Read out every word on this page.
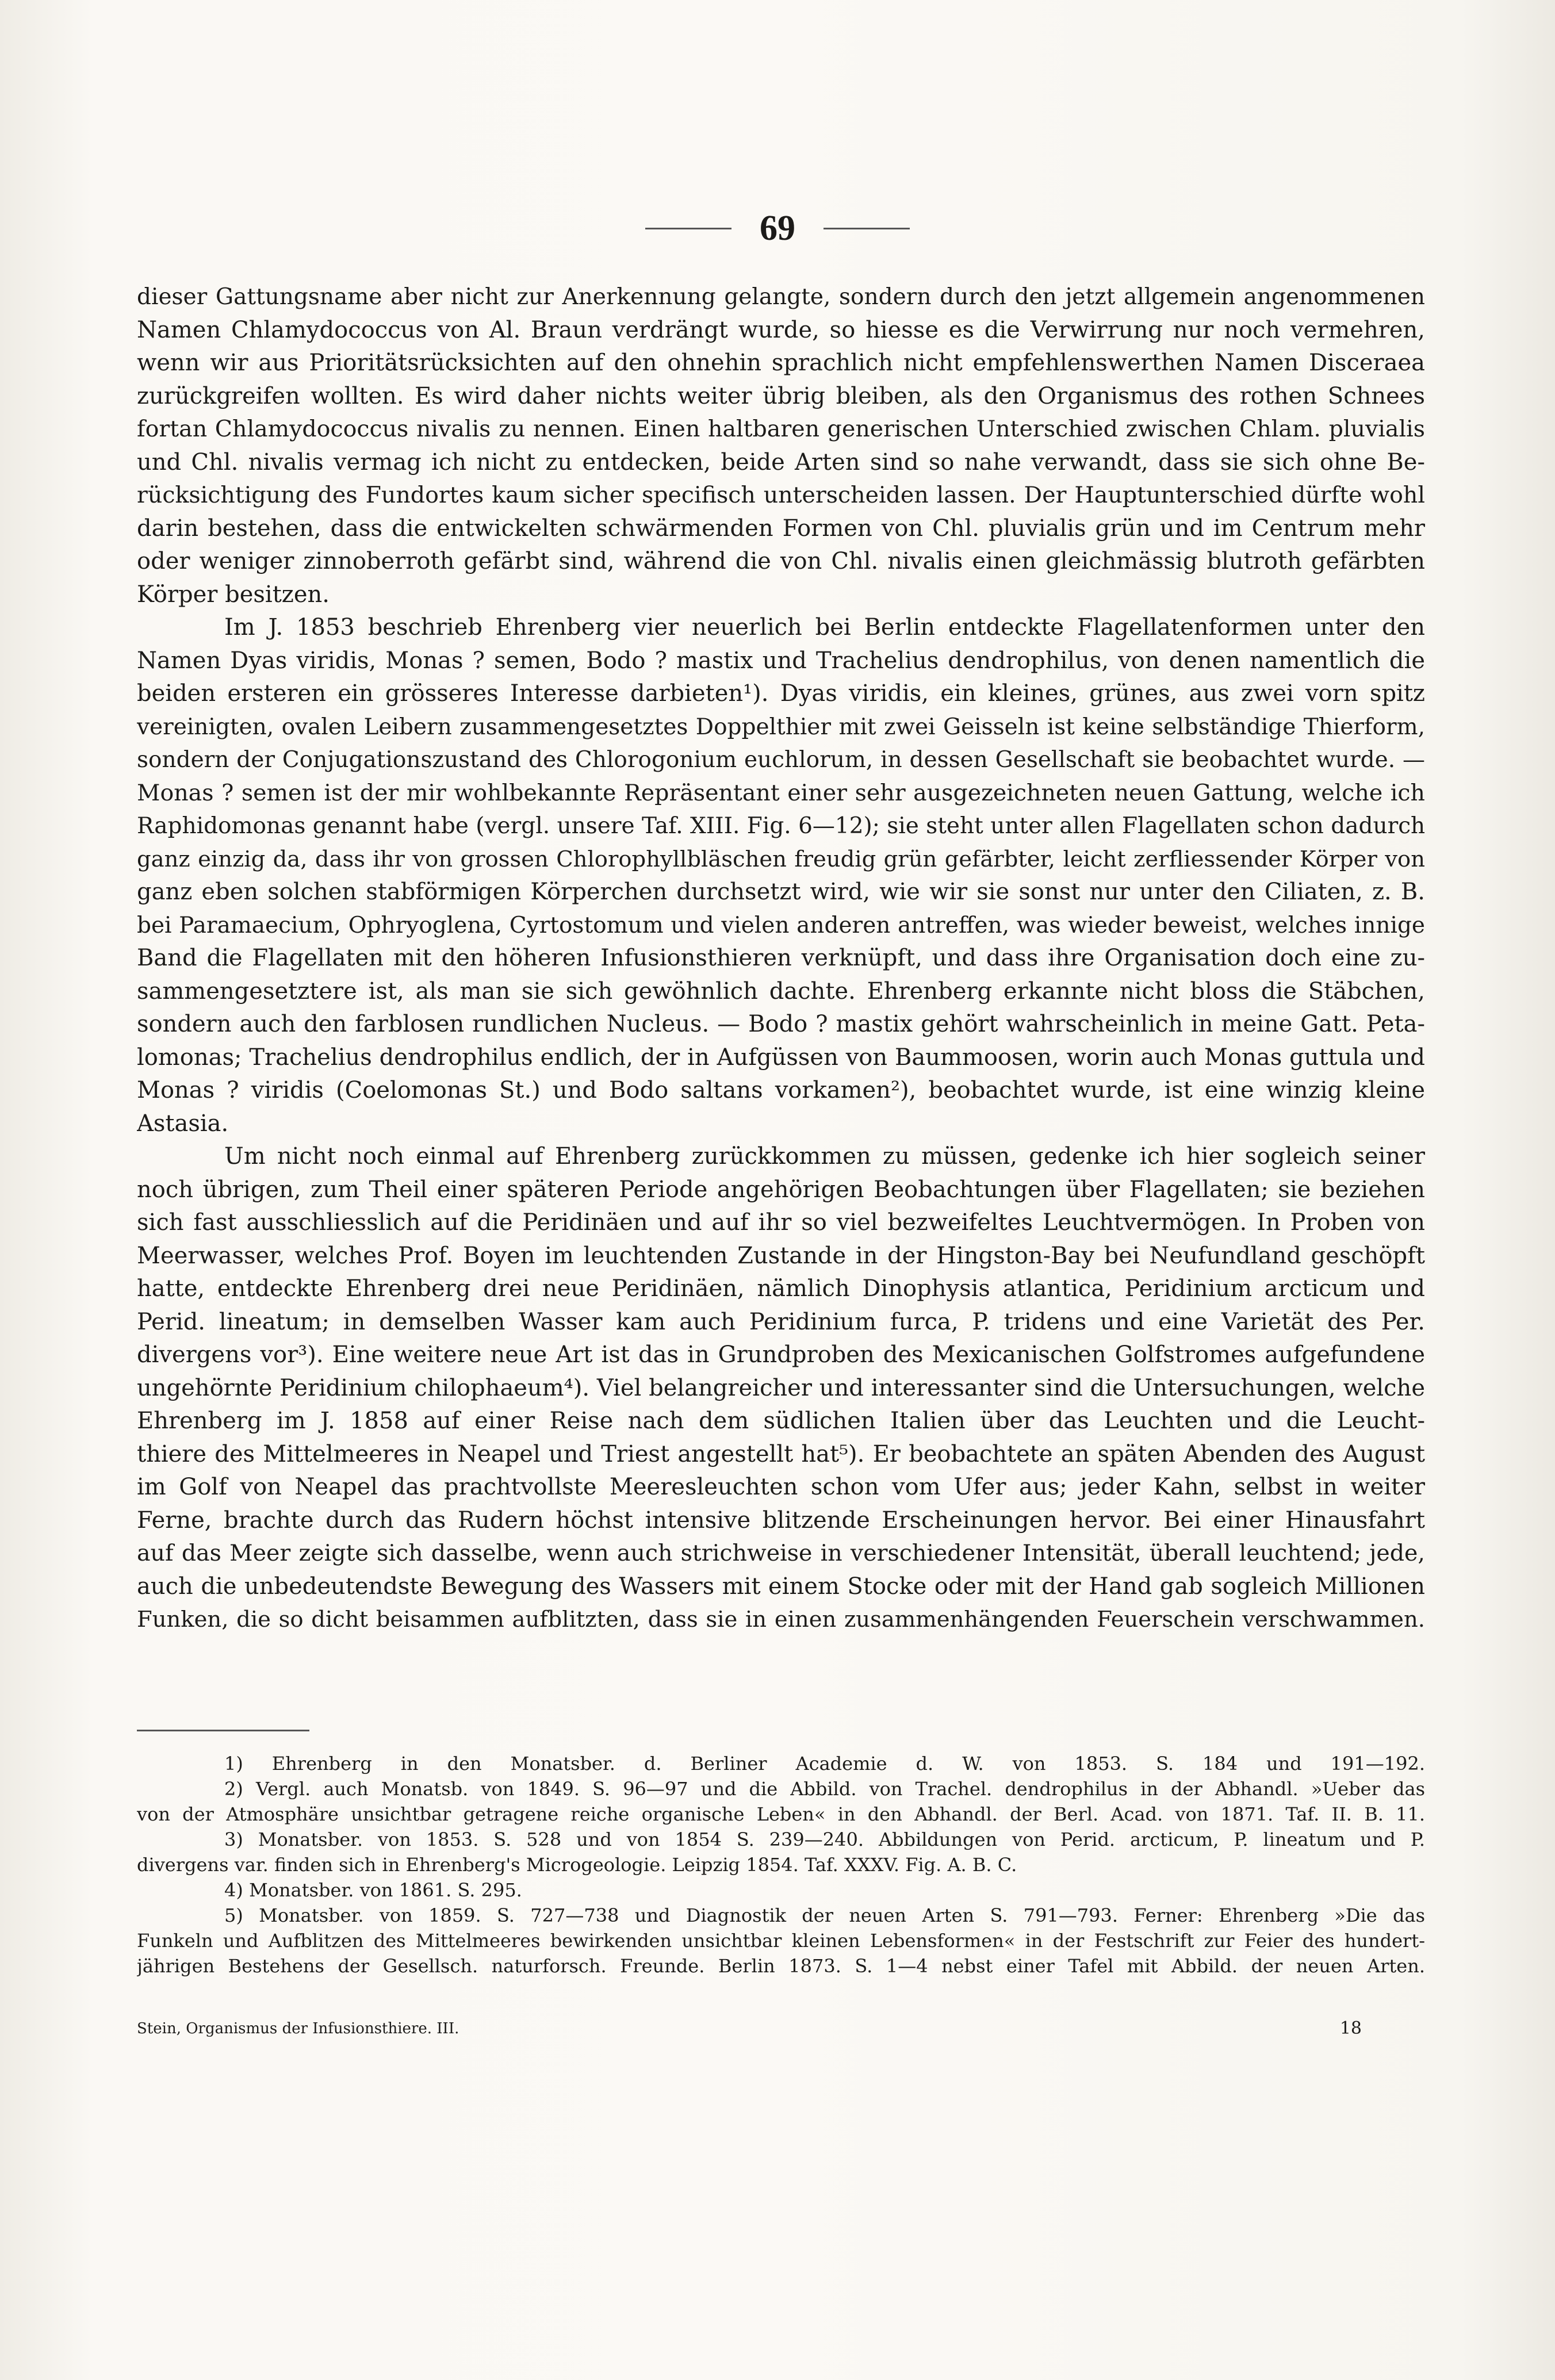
69
dieser Gattungsname aber nicht zur Anerkennung gelangte, sondern durch den jetzt allgemein angenommenen
Namen Chlamydococcus von Al. Braun verdrängt wurde, so hiesse es die Verwirrung nur noch vermehren,
wenn wir aus Prioritätsrücksichten auf den ohnehin sprachlich nicht empfehlenswerthen Namen Disceraea
zurückgreifen wollten. Es wird daher nichts weiter übrig bleiben, als den Organismus des rothen Schnees
fortan Chlamydococcus nivalis zu nennen. Einen haltbaren generischen Unterschied zwischen Chlam. pluvialis
und Chl. nivalis vermag ich nicht zu entdecken, beide Arten sind so nahe verwandt, dass sie sich ohne Be-
rücksichtigung des Fundortes kaum sicher specifisch unterscheiden lassen. Der Hauptunterschied dürfte wohl
darin bestehen, dass die entwickelten schwärmenden Formen von Chl. pluvialis grün und im Centrum mehr
oder weniger zinnoberroth gefärbt sind, während die von Chl. nivalis einen gleichmässig blutroth gefärbten
Körper besitzen.
Im J. 1853 beschrieb Ehrenberg vier neuerlich bei Berlin entdeckte Flagellatenformen unter den
Namen Dyas viridis, Monas ? semen, Bodo ? mastix und Trachelius dendrophilus, von denen namentlich die
beiden ersteren ein grösseres Interesse darbieten¹). Dyas viridis, ein kleines, grünes, aus zwei vorn spitz
vereinigten, ovalen Leibern zusammengesetztes Doppelthier mit zwei Geisseln ist keine selbständige Thierform,
sondern der Conjugationszustand des Chlorogonium euchlorum, in dessen Gesellschaft sie beobachtet wurde. —
Monas ? semen ist der mir wohlbekannte Repräsentant einer sehr ausgezeichneten neuen Gattung, welche ich
Raphidomonas genannt habe (vergl. unsere Taf. XIII. Fig. 6—12); sie steht unter allen Flagellaten schon dadurch
ganz einzig da, dass ihr von grossen Chlorophyllbläschen freudig grün gefärbter, leicht zerfliessender Körper von
ganz eben solchen stabförmigen Körperchen durchsetzt wird, wie wir sie sonst nur unter den Ciliaten, z. B.
bei Paramaecium, Ophryoglena, Cyrtostomum und vielen anderen antreffen, was wieder beweist, welches innige
Band die Flagellaten mit den höheren Infusionsthieren verknüpft, und dass ihre Organisation doch eine zu-
sammengesetztere ist, als man sie sich gewöhnlich dachte. Ehrenberg erkannte nicht bloss die Stäbchen,
sondern auch den farblosen rundlichen Nucleus. — Bodo ? mastix gehört wahrscheinlich in meine Gatt. Peta-
lomonas; Trachelius dendrophilus endlich, der in Aufgüssen von Baummoosen, worin auch Monas guttula und
Monas ? viridis (Coelomonas St.) und Bodo saltans vorkamen²), beobachtet wurde, ist eine winzig kleine
Astasia.
Um nicht noch einmal auf Ehrenberg zurückkommen zu müssen, gedenke ich hier sogleich seiner
noch übrigen, zum Theil einer späteren Periode angehörigen Beobachtungen über Flagellaten; sie beziehen
sich fast ausschliesslich auf die Peridinäen und auf ihr so viel bezweifeltes Leuchtvermögen. In Proben von
Meerwasser, welches Prof. Boyen im leuchtenden Zustande in der Hingston-Bay bei Neufundland geschöpft
hatte, entdeckte Ehrenberg drei neue Peridinäen, nämlich Dinophysis atlantica, Peridinium arcticum und
Perid. lineatum; in demselben Wasser kam auch Peridinium furca, P. tridens und eine Varietät des Per.
divergens vor³). Eine weitere neue Art ist das in Grundproben des Mexicanischen Golfstromes aufgefundene
ungehörnte Peridinium chilophaeum⁴). Viel belangreicher und interessanter sind die Untersuchungen, welche
Ehrenberg im J. 1858 auf einer Reise nach dem südlichen Italien über das Leuchten und die Leucht-
thiere des Mittelmeeres in Neapel und Triest angestellt hat⁵). Er beobachtete an späten Abenden des August
im Golf von Neapel das prachtvollste Meeresleuchten schon vom Ufer aus; jeder Kahn, selbst in weiter
Ferne, brachte durch das Rudern höchst intensive blitzende Erscheinungen hervor. Bei einer Hinausfahrt
auf das Meer zeigte sich dasselbe, wenn auch strichweise in verschiedener Intensität, überall leuchtend; jede,
auch die unbedeutendste Bewegung des Wassers mit einem Stocke oder mit der Hand gab sogleich Millionen
Funken, die so dicht beisammen aufblitzten, dass sie in einen zusammenhängenden Feuerschein verschwammen.
1) Ehrenberg in den Monatsber. d. Berliner Academie d. W. von 1853. S. 184 und 191—192.
2) Vergl. auch Monatsb. von 1849. S. 96—97 und die Abbild. von Trachel. dendrophilus in der Abhandl. »Ueber das
von der Atmosphäre unsichtbar getragene reiche organische Leben« in den Abhandl. der Berl. Acad. von 1871. Taf. II. B. 11.
3) Monatsber. von 1853. S. 528 und von 1854 S. 239—240. Abbildungen von Perid. arcticum, P. lineatum und P.
divergens var. finden sich in Ehrenberg's Microgeologie. Leipzig 1854. Taf. XXXV. Fig. A. B. C.
4) Monatsber. von 1861. S. 295.
5) Monatsber. von 1859. S. 727—738 und Diagnostik der neuen Arten S. 791—793. Ferner: Ehrenberg »Die das
Funkeln und Aufblitzen des Mittelmeeres bewirkenden unsichtbar kleinen Lebensformen« in der Festschrift zur Feier des hundert-
jährigen Bestehens der Gesellsch. naturforsch. Freunde. Berlin 1873. S. 1—4 nebst einer Tafel mit Abbild. der neuen Arten.
Stein, Organismus der Infusionsthiere. III.	18
